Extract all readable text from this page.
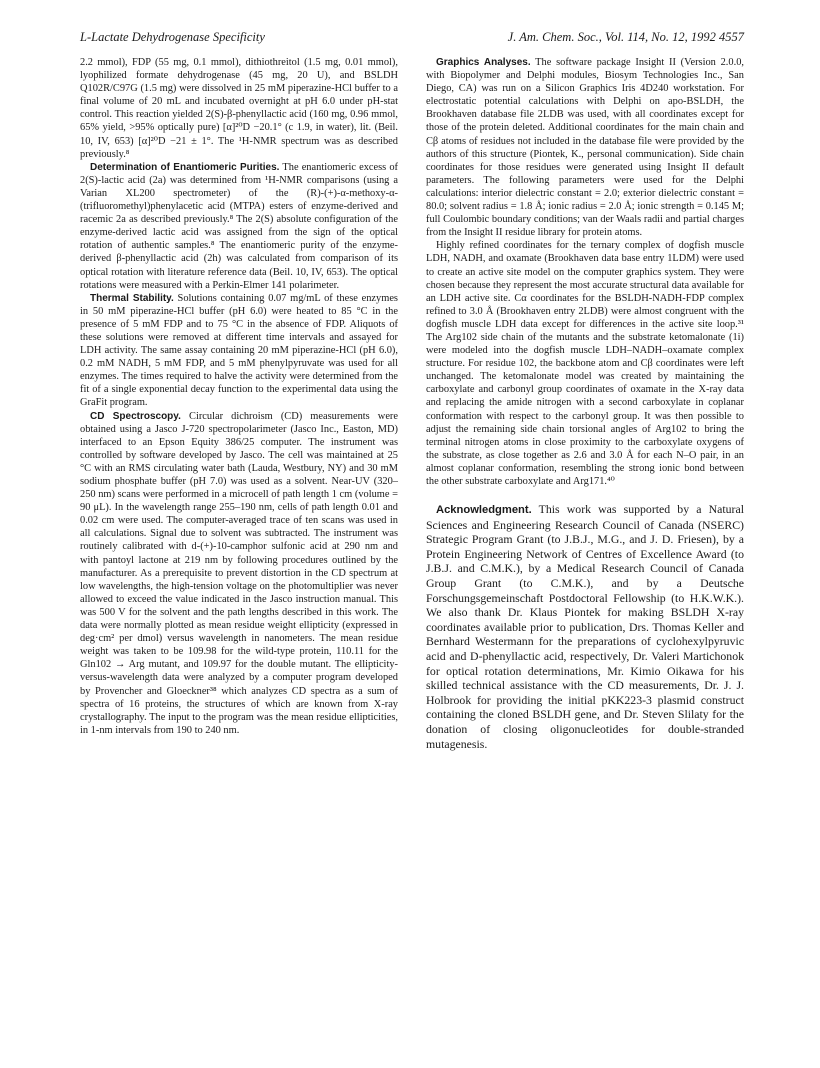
L-Lactate Dehydrogenase Specificity	J. Am. Chem. Soc., Vol. 114, No. 12, 1992 4557

2.2 mmol), FDP (55 mg, 0.1 mmol), dithiothreitol (1.5 mg, 0.01 mmol), lyophilized formate dehydrogenase (45 mg, 20 U), and BSLDH Q102R/C97G (1.5 mg) were dissolved in 25 mM piperazine-HCl buffer to a final volume of 20 mL and incubated overnight at pH 6.0 under pH-stat control. This reaction yielded 2(S)-β-phenyllactic acid (160 mg, 0.96 mmol, 65% yield, >95% optically pure) [α]²⁰D −20.1° (c 1.9, in water), lit. (Beil. 10, IV, 653) [α]²⁰D −21 ± 1°. The ¹H-NMR spectrum was as described previously.⁸

Determination of Enantiomeric Purities. The enantiomeric excess of 2(S)-lactic acid (2a) was determined from ¹H-NMR comparisons (using a Varian XL200 spectrometer) of the (R)-(+)-α-methoxy-α-(trifluoromethyl)phenylacetic acid (MTPA) esters of enzyme-derived and racemic 2a as described previously.⁸ The 2(S) absolute configuration of the enzyme-derived lactic acid was assigned from the sign of the optical rotation of authentic samples.⁸ The enantiomeric purity of the enzyme-derived β-phenyllactic acid (2h) was calculated from comparison of its optical rotation with literature reference data (Beil. 10, IV, 653). The optical rotations were measured with a Perkin-Elmer 141 polarimeter.

Thermal Stability. Solutions containing 0.07 mg/mL of these enzymes in 50 mM piperazine-HCl buffer (pH 6.0) were heated to 85 °C in the presence of 5 mM FDP and to 75 °C in the absence of FDP. Aliquots of these solutions were removed at different time intervals and assayed for LDH activity. The same assay containing 20 mM piperazine-HCl (pH 6.0), 0.2 mM NADH, 5 mM FDP, and 5 mM phenylpyruvate was used for all enzymes. The times required to halve the activity were determined from the fit of a single exponential decay function to the experimental data using the GraFit program.

CD Spectroscopy. Circular dichroism (CD) measurements were obtained using a Jasco J-720 spectropolarimeter (Jasco Inc., Easton, MD) interfaced to an Epson Equity 386/25 computer. The instrument was controlled by software developed by Jasco. The cell was maintained at 25 °C with an RMS circulating water bath (Lauda, Westbury, NY) and 30 mM sodium phosphate buffer (pH 7.0) was used as a solvent. Near-UV (320–250 nm) scans were performed in a microcell of path length 1 cm (volume = 90 μL). In the wavelength range 255–190 nm, cells of path length 0.01 and 0.02 cm were used. The computer-averaged trace of ten scans was used in all calculations. Signal due to solvent was subtracted. The instrument was routinely calibrated with d-(+)-10-camphor sulfonic acid at 290 nm and with pantoyl lactone at 219 nm by following procedures outlined by the manufacturer. As a prerequisite to prevent distortion in the CD spectrum at low wavelengths, the high-tension voltage on the photomultiplier was never allowed to exceed the value indicated in the Jasco instruction manual. This was 500 V for the solvent and the path lengths described in this work. The data were normally plotted as mean residue weight ellipticity (expressed in deg·cm² per dmol) versus wavelength in nanometers. The mean residue weight was taken to be 109.98 for the wild-type protein, 110.11 for the Gln102 → Arg mutant, and 109.97 for the double mutant. The ellipticity-versus-wavelength data were analyzed by a computer program developed by Provencher and Gloeckner³⁸ which analyzes CD spectra as a sum of spectra of 16 proteins, the structures of which are known from X-ray crystallography. The input to the program was the mean residue ellipticities, in 1-nm intervals from 190 to 240 nm.

Graphics Analyses. The software package Insight II (Version 2.0.0, with Biopolymer and Delphi modules, Biosym Technologies Inc., San Diego, CA) was run on a Silicon Graphics Iris 4D240 workstation. For electrostatic potential calculations with Delphi on apo-BSLDH, the Brookhaven database file 2LDB was used, with all coordinates except for those of the protein deleted. Additional coordinates for the main chain and Cβ atoms of residues not included in the database file were provided by the authors of this structure (Piontek, K., personal communication). Side chain coordinates for those residues were generated using Insight II default parameters. The following parameters were used for the Delphi calculations: interior dielectric constant = 2.0; exterior dielectric constant = 80.0; solvent radius = 1.8 Å; ionic radius = 2.0 Å; ionic strength = 0.145 M; full Coulombic boundary conditions; van der Waals radii and partial charges from the Insight II residue library for protein atoms.

Highly refined coordinates for the ternary complex of dogfish muscle LDH, NADH, and oxamate (Brookhaven data base entry 1LDM) were used to create an active site model on the computer graphics system. They were chosen because they represent the most accurate structural data available for an LDH active site. Cα coordinates for the BSLDH-NADH-FDP complex refined to 3.0 Å (Brookhaven entry 2LDB) were almost congruent with the dogfish muscle LDH data except for differences in the active site loop.³¹ The Arg102 side chain of the mutants and the substrate ketomalonate (1i) were modeled into the dogfish muscle LDH–NADH–oxamate complex structure. For residue 102, the backbone atom and Cβ coordinates were left unchanged. The ketomalonate model was created by maintaining the carboxylate and carbonyl group coordinates of oxamate in the X-ray data and replacing the amide nitrogen with a second carboxylate in coplanar conformation with respect to the carbonyl group. It was then possible to adjust the remaining side chain torsional angles of Arg102 to bring the terminal nitrogen atoms in close proximity to the carboxylate oxygens of the substrate, as close together as 2.6 and 3.0 Å for each N–O pair, in an almost coplanar conformation, resembling the strong ionic bond between the other substrate carboxylate and Arg171.⁴⁰

Acknowledgment. This work was supported by a Natural Sciences and Engineering Research Council of Canada (NSERC) Strategic Program Grant (to J.B.J., M.G., and J. D. Friesen), by a Protein Engineering Network of Centres of Excellence Award (to J.B.J. and C.M.K.), by a Medical Research Council of Canada Group Grant (to C.M.K.), and by a Deutsche Forschungsgemeinschaft Postdoctoral Fellowship (to H.K.W.K.). We also thank Dr. Klaus Piontek for making BSLDH X-ray coordinates available prior to publication, Drs. Thomas Keller and Bernhard Westermann for the preparations of cyclohexylpyruvic acid and D-phenyllactic acid, respectively, Dr. Valeri Martichonok for optical rotation determinations, Mr. Kimio Oikawa for his skilled technical assistance with the CD measurements, Dr. J. J. Holbrook for providing the initial pKK223-3 plasmid construct containing the cloned BSLDH gene, and Dr. Steven Slilaty for the donation of closing oligonucleotides for double-stranded mutagenesis.
